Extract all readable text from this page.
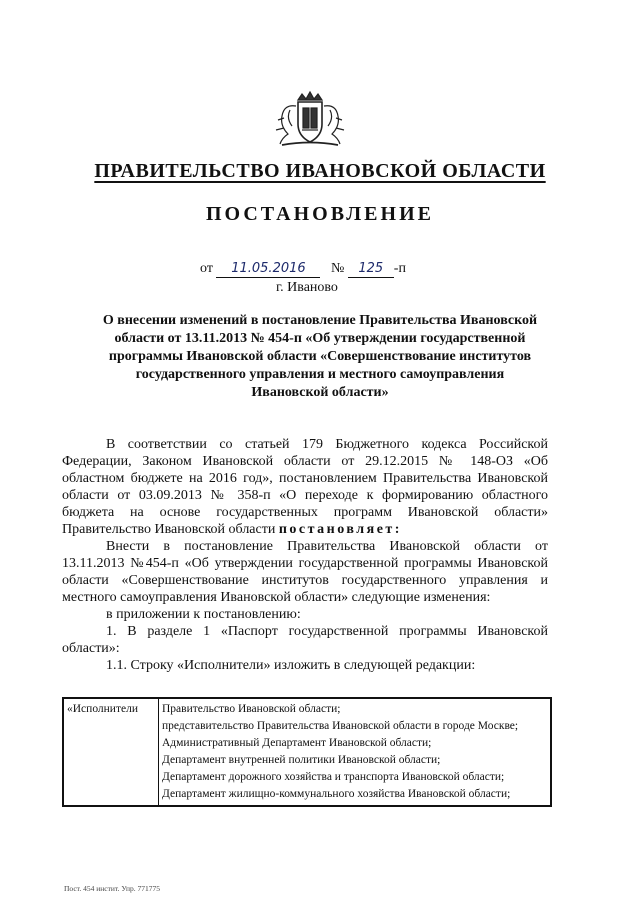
ПРАВИТЕЛЬСТВО ИВАНОВСКОЙ ОБЛАСТИ
ПОСТАНОВЛЕНИЕ
от 11.05.2016 № 125 -п
г. Иваново
О внесении изменений в постановление Правительства Ивановской области от 13.11.2013 № 454-п «Об утверждении государственной программы Ивановской области «Совершенствование институтов государственного управления и местного самоуправления Ивановской области»

В соответствии со статьей 179 Бюджетного кодекса Российской Федерации, Законом Ивановской области от 29.12.2015 № 148-ОЗ «Об областном бюджете на 2016 год», постановлением Правительства Ивановской области от 03.09.2013 № 358-п «О переходе к формированию областного бюджета на основе государственных программ Ивановской области» Правительство Ивановской области постановляет:

Внести в постановление Правительства Ивановской области от 13.11.2013 №454-п «Об утверждении государственной программы Ивановской области «Совершенствование институтов государственного управления и местного самоуправления Ивановской области» следующие изменения:

в приложении к постановлению:

1. В разделе 1 «Паспорт государственной программы Ивановской области»:

1.1. Строку «Исполнители» изложить в следующей редакции:

«Исполнители	Правительство Ивановской области;

представительство Правительства Ивановской области в городе Москве;

Административный Департамент Ивановской области;

Департамент внутренней политики Ивановской области;

Департамент дорожного хозяйства и транспорта Ивановской области;

Департамент жилищно-коммунального хозяйства Ивановской области;

Пост. 454 инстит. Упр. 771775
